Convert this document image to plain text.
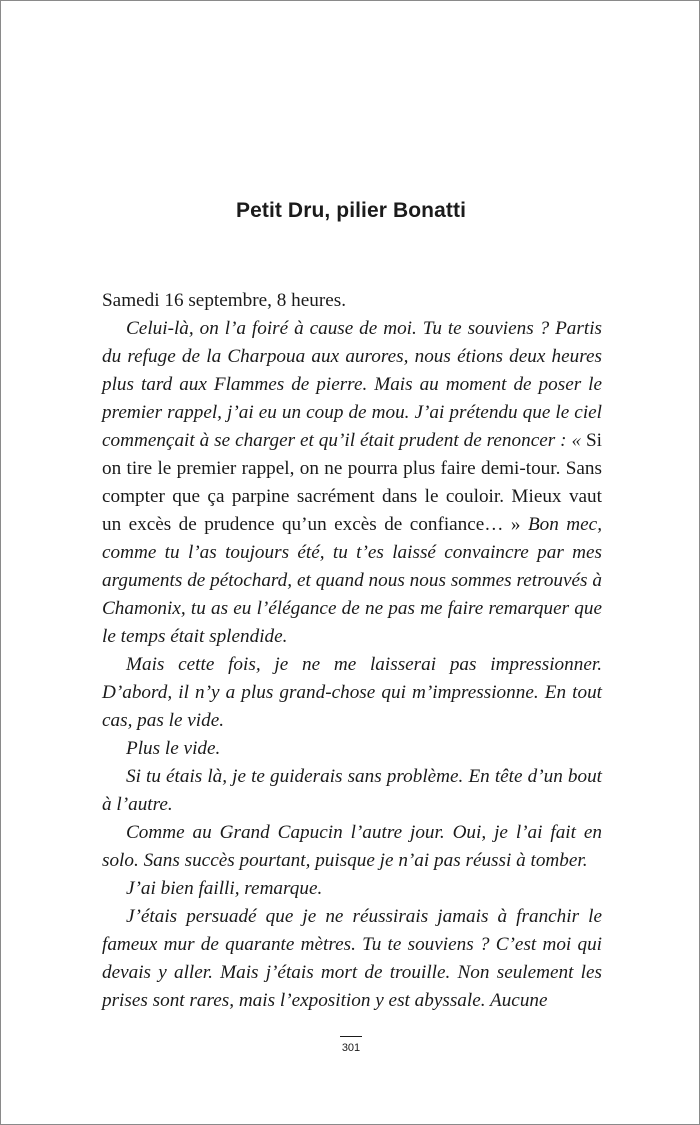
Petit Dru, pilier Bonatti

Samedi 16 septembre, 8 heures.

Celui-là, on l’a foiré à cause de moi. Tu te souviens ? Partis du refuge de la Charpoua aux aurores, nous étions deux heures plus tard aux Flammes de pierre. Mais au moment de poser le premier rappel, j’ai eu un coup de mou. J’ai prétendu que le ciel commençait à se charger et qu’il était prudent de renoncer : « Si on tire le premier rappel, on ne pourra plus faire demi-tour. Sans compter que ça parpine sacrément dans le couloir. Mieux vaut un excès de prudence qu’un excès de confiance… » Bon mec, comme tu l’as toujours été, tu t’es laissé convaincre par mes arguments de pétochard, et quand nous nous sommes retrouvés à Chamonix, tu as eu l’élégance de ne pas me faire remarquer que le temps était splendide.

Mais cette fois, je ne me laisserai pas impressionner. D’abord, il n’y a plus grand-chose qui m’impressionne. En tout cas, pas le vide.

Plus le vide.

Si tu étais là, je te guiderais sans problème. En tête d’un bout à l’autre.

Comme au Grand Capucin l’autre jour. Oui, je l’ai fait en solo. Sans succès pourtant, puisque je n’ai pas réussi à tomber.

J’ai bien failli, remarque.

J’étais persuadé que je ne réussirais jamais à franchir le fameux mur de quarante mètres. Tu te souviens ? C’est moi qui devais y aller. Mais j’étais mort de trouille. Non seulement les prises sont rares, mais l’exposition y est abyssale. Aucune

301
